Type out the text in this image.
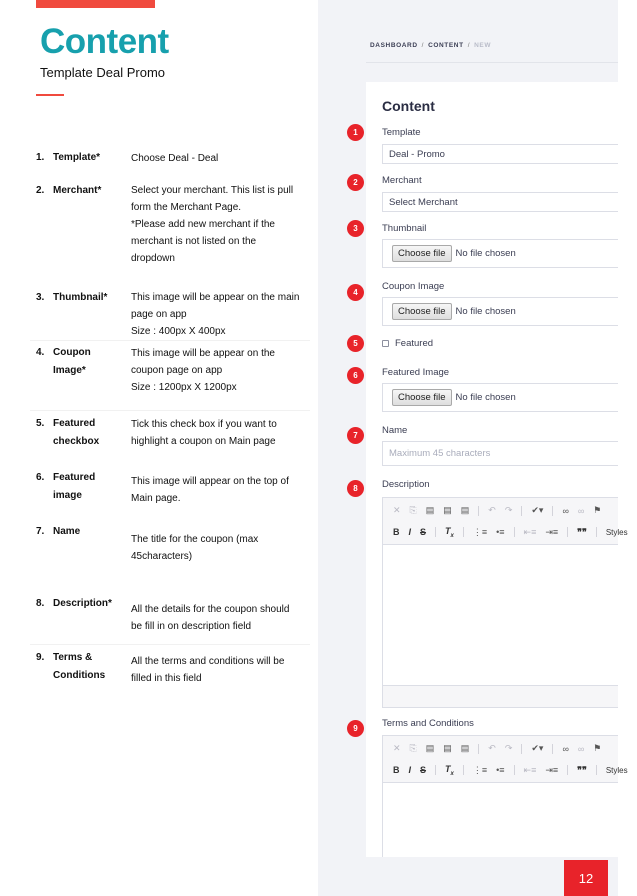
Content
Template Deal Promo
1. Template*	Choose Deal - Deal
2. Merchant*	Select your merchant. This list is pull
form the Merchant Page.
*Please add new merchant if the
merchant is not listed on the
dropdown
3. Thumbnail*	This image will be appear on the main
page on app
Size : 400px X 400px
4. Coupon
Image*
This image will be appear on the
coupon page on app
Size : 1200px X 1200px
5. Featured
checkbox
Tick this check box if you want to
highlight a coupon on Main page
6. Featured
image
This image will appear on the top of
Main page.
7. Name
The title for the coupon (max
45characters)
8. Description*
All the details for the coupon should
be fill in on description field
9. Terms &
Conditions
All the terms and conditions will be
filled in this field
DASHBOARD / CONTENT / NEW
Content
1
2
3
4
5
6
7
8
9
Template
Deal - Promo
Merchant
Select Merchant
Thumbnail
Choose file	No file chosen
Coupon Image
Choose file	No file chosen
Featured
Featured Image
Choose file	No file chosen
Name
Maximum 45 characters
Description
✕ ⎘ ▤ ▤ ▤ ↶ ↷ ✔▾ ∞ ∞ ⚑
B I S $T_x$ ⋮≡ •≡ ⇤≡ ⇥≡ ❞❞ Styles
Terms and Conditions
✕ ⎘ ▤ ▤ ▤ ↶ ↷ ✔▾ ∞ ∞ ⚑
B I S $T_x$ ⋮≡ •≡ ⇤≡ ⇥≡ ❞❞ Styles
12
